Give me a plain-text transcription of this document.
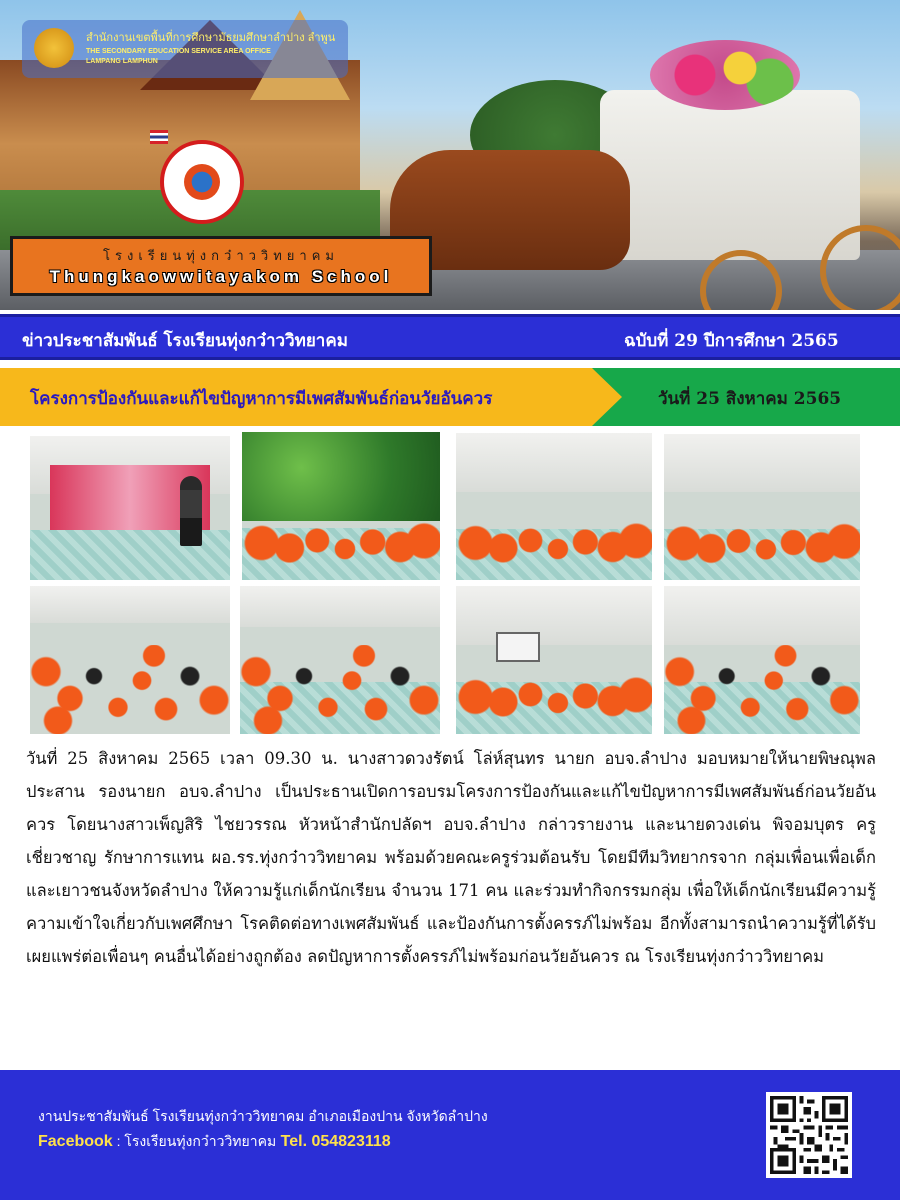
สำนักงานเขตพื้นที่การศึกษามัธยมศึกษาลำปาง ลำพูน
THE SECONDARY EDUCATION SERVICE AREA OFFICE
LAMPANG LAMPHUN
โรงเรียนทุ่งกว๋าววิทยาคม
Thungkaowwitayakom School
ข่าวประชาสัมพันธ์ โรงเรียนทุ่งกว๋าววิทยาคม	ฉบับที่ 29 ปีการศึกษา 2565
โครงการป้องกันและแก้ไขปัญหาการมีเพศสัมพันธ์ก่อนวัยอันควร	วันที่ 25 สิงหาคม 2565
วันที่ 25 สิงหาคม 2565 เวลา 09.30 น. นางสาวดวงรัตน์ โล่ห์สุนทร นายก อบจ.ลำปาง มอบหมายให้นายพิษณุพล ประสาน รองนายก อบจ.ลำปาง เป็นประธานเปิดการอบรมโครงการป้องกันและแก้ไขปัญหาการมีเพศสัมพันธ์ก่อนวัยอันควร โดยนางสาวเพ็ญสิริ ไชยวรรณ หัวหน้าสำนักปลัดฯ อบจ.ลำปาง กล่าวรายงาน และนายดวงเด่น พิจอมบุตร ครูเชี่ยวชาญ รักษาการแทน ผอ.รร.ทุ่งกว๋าววิทยาคม พร้อมด้วยคณะครูร่วมต้อนรับ โดยมีทีมวิทยากรจาก กลุ่มเพื่อนเพื่อเด็กและเยาวชนจังหวัดลำปาง ให้ความรู้แก่เด็กนักเรียน จำนวน 171 คน และร่วมทำกิจกรรมกลุ่ม เพื่อให้เด็กนักเรียนมีความรู้ความเข้าใจเกี่ยวกับเพศศึกษา โรคติดต่อทางเพศสัมพันธ์ และป้องกันการตั้งครรภ์ไม่พร้อม อีกทั้งสามารถนำความรู้ที่ได้รับเผยแพร่ต่อเพื่อนๆ คนอื่นได้อย่างถูกต้อง ลดปัญหาการตั้งครรภ์ไม่พร้อมก่อนวัยอันควร ณ โรงเรียนทุ่งกว๋าววิทยาคม
งานประชาสัมพันธ์ โรงเรียนทุ่งกว๋าววิทยาคม อำเภอเมืองปาน จังหวัดลำปาง
Facebook : โรงเรียนทุ่งกว๋าววิทยาคม Tel. 054823118
